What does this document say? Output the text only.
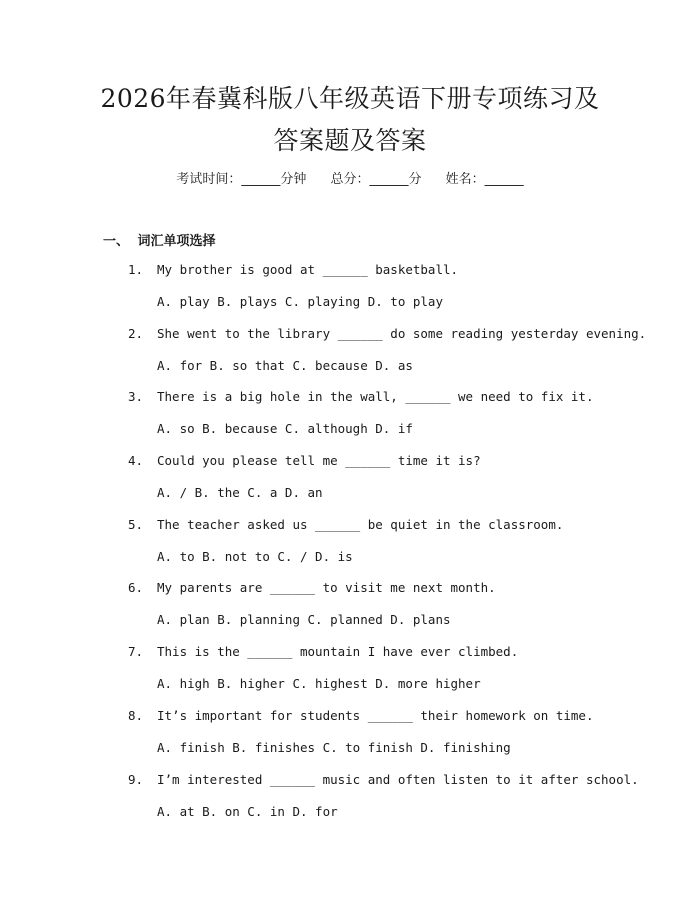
2026年春冀科版八年级英语下册专项练习及
答案题及答案
考试时间：______分钟 总分：______分 姓名：______
一、 词汇单项选择
1.	My brother is good at ______ basketball.
A. play B. plays C. playing D. to play
2.	She went to the library ______ do some reading yesterday evening.
A. for B. so that C. because D. as
3.	There is a big hole in the wall, ______ we need to fix it.
A. so B. because C. although D. if
4.	Could you please tell me ______ time it is?
A. / B. the C. a D. an
5.	The teacher asked us ______ be quiet in the classroom.
A. to B. not to C. / D. is
6.	My parents are ______ to visit me next month.
A. plan B. planning C. planned D. plans
7.	This is the ______ mountain I have ever climbed.
A. high B. higher C. highest D. more higher
8.	It’s important for students ______ their homework on time.
A. finish B. finishes C. to finish D. finishing
9.	I’m interested ______ music and often listen to it after school.
A. at B. on C. in D. for
